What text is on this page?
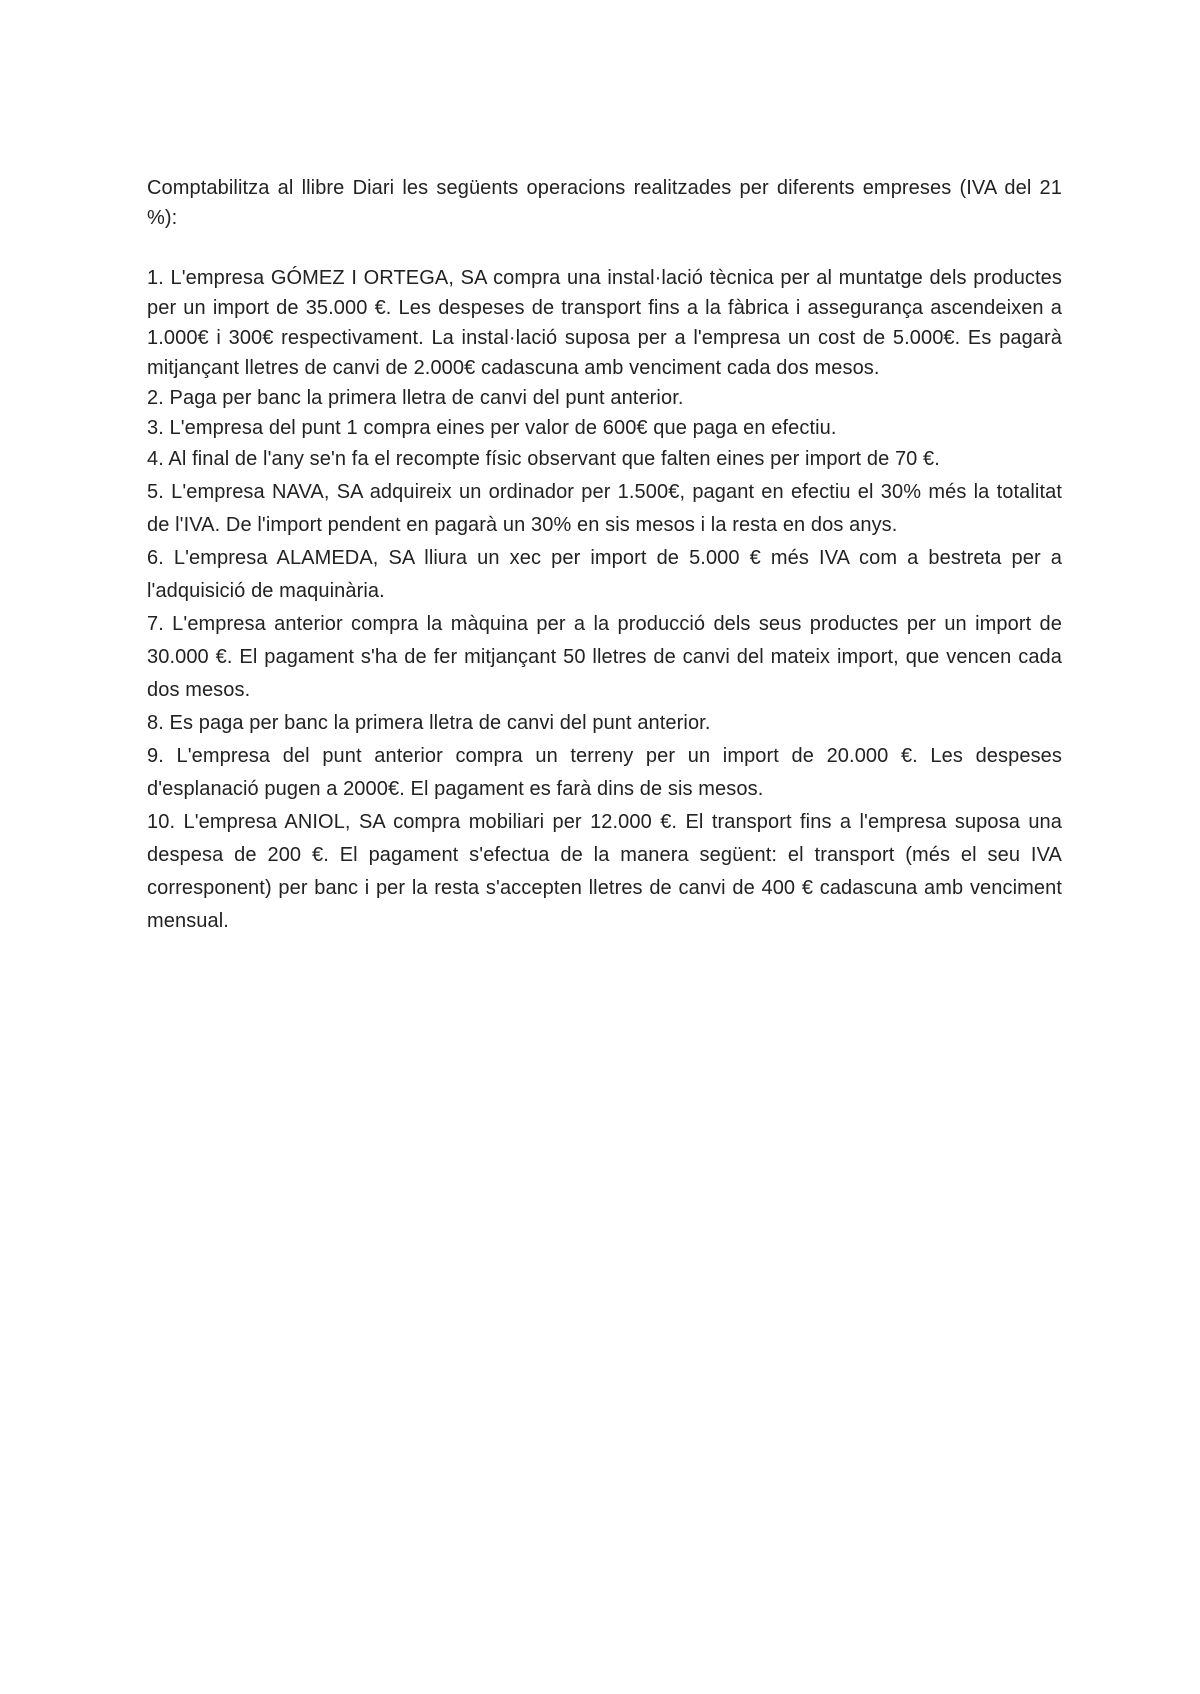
Comptabilitza al llibre Diari les següents operacions realitzades per diferents empreses (IVA del 21 %):

1. L'empresa GÓMEZ I ORTEGA, SA compra una instal·lació tècnica per al muntatge dels productes per un import de 35.000 €. Les despeses de transport fins a la fàbrica i assegurança ascendeixen a 1.000€ i 300€ respectivament. La instal·lació suposa per a l'empresa un cost de 5.000€. Es pagarà mitjançant lletres de canvi de 2.000€ cadascuna amb venciment cada dos mesos.

2. Paga per banc la primera lletra de canvi del punt anterior.

3. L'empresa del punt 1 compra eines per valor de 600€ que paga en efectiu.

4. Al final de l'any se'n fa el recompte físic observant que falten eines per import de 70 €.

5. L'empresa NAVA, SA adquireix un ordinador per 1.500€, pagant en efectiu el 30% més la totalitat de l'IVA. De l'import pendent en pagarà un 30% en sis mesos i la resta en dos anys.

6. L'empresa ALAMEDA, SA lliura un xec per import de 5.000 € més IVA com a bestreta per a l'adquisició de maquinària.

7. L'empresa anterior compra la màquina per a la producció dels seus productes per un import de 30.000 €. El pagament s'ha de fer mitjançant 50 lletres de canvi del mateix import, que vencen cada dos mesos.

8. Es paga per banc la primera lletra de canvi del punt anterior.

9. L'empresa del punt anterior compra un terreny per un import de 20.000 €. Les despeses d'esplanació pugen a 2000€. El pagament es farà dins de sis mesos.

10. L'empresa ANIOL, SA compra mobiliari per 12.000 €. El transport fins a l'empresa suposa una despesa de 200 €. El pagament s'efectua de la manera següent: el transport (més el seu IVA corresponent) per banc i per la resta s'accepten lletres de canvi de 400 € cadascuna amb venciment mensual.
